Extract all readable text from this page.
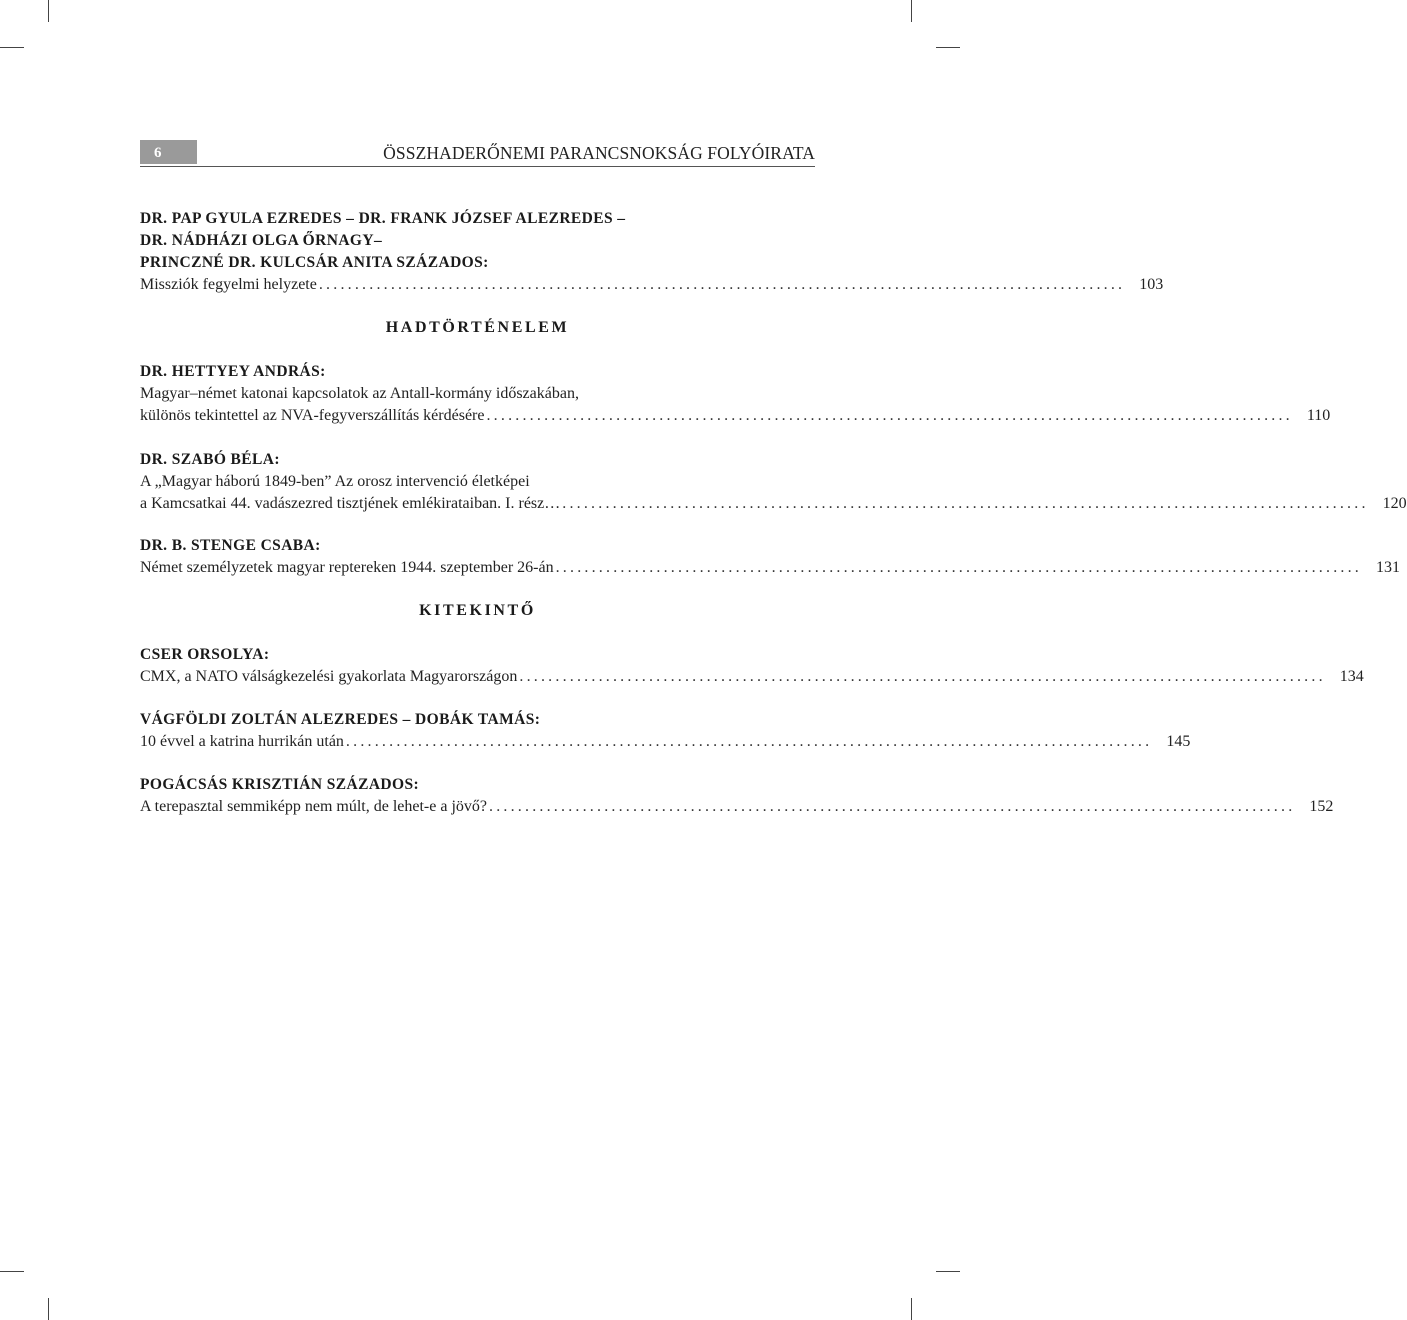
6	ÖSSZHADERŐNEMI PARANCSNOKSÁG FOLYÓIRATA
DR. PAP GYULA EZREDES – DR. FRANK JÓZSEF ALEZREDES –
DR. NÁDHÁZI OLGA ŐRNAGY–
PRINCZNÉ DR. KULCSÁR ANITA SZÁZADOS:
Missziók fegyelmi helyzete ................................................................................................................ 103
DR. HETTYEY ANDRÁS:
Magyar–német katonai kapcsolatok az Antall-kormány időszakában,
különös tekintettel az NVA-fegyverszállítás kérdésére ................................................................................................................ 110
DR. SZABÓ BÉLA:
A „Magyar háború 1849-ben” Az orosz intervenció életképei
a Kamcsatkai 44. vadászezred tisztjének emlékirataiban. I. rész… ................................................................................................................ 120
DR. B. STENGE CSABA:
Német személyzetek magyar reptereken 1944. szeptember 26-án ................................................................................................................ 131
CSER ORSOLYA:
CMX, a NATO válságkezelési gyakorlata Magyarországon ................................................................................................................ 134
VÁGFÖLDI ZOLTÁN ALEZREDES – DOBÁK TAMÁS:
10 évvel a katrina hurrikán után ................................................................................................................ 145
POGÁCSÁS KRISZTIÁN SZÁZADOS:
A terepasztal semmiképp nem múlt, de lehet-e a jövő? ................................................................................................................ 152
HADTÖRTÉNELEM
KITEKINTŐ
